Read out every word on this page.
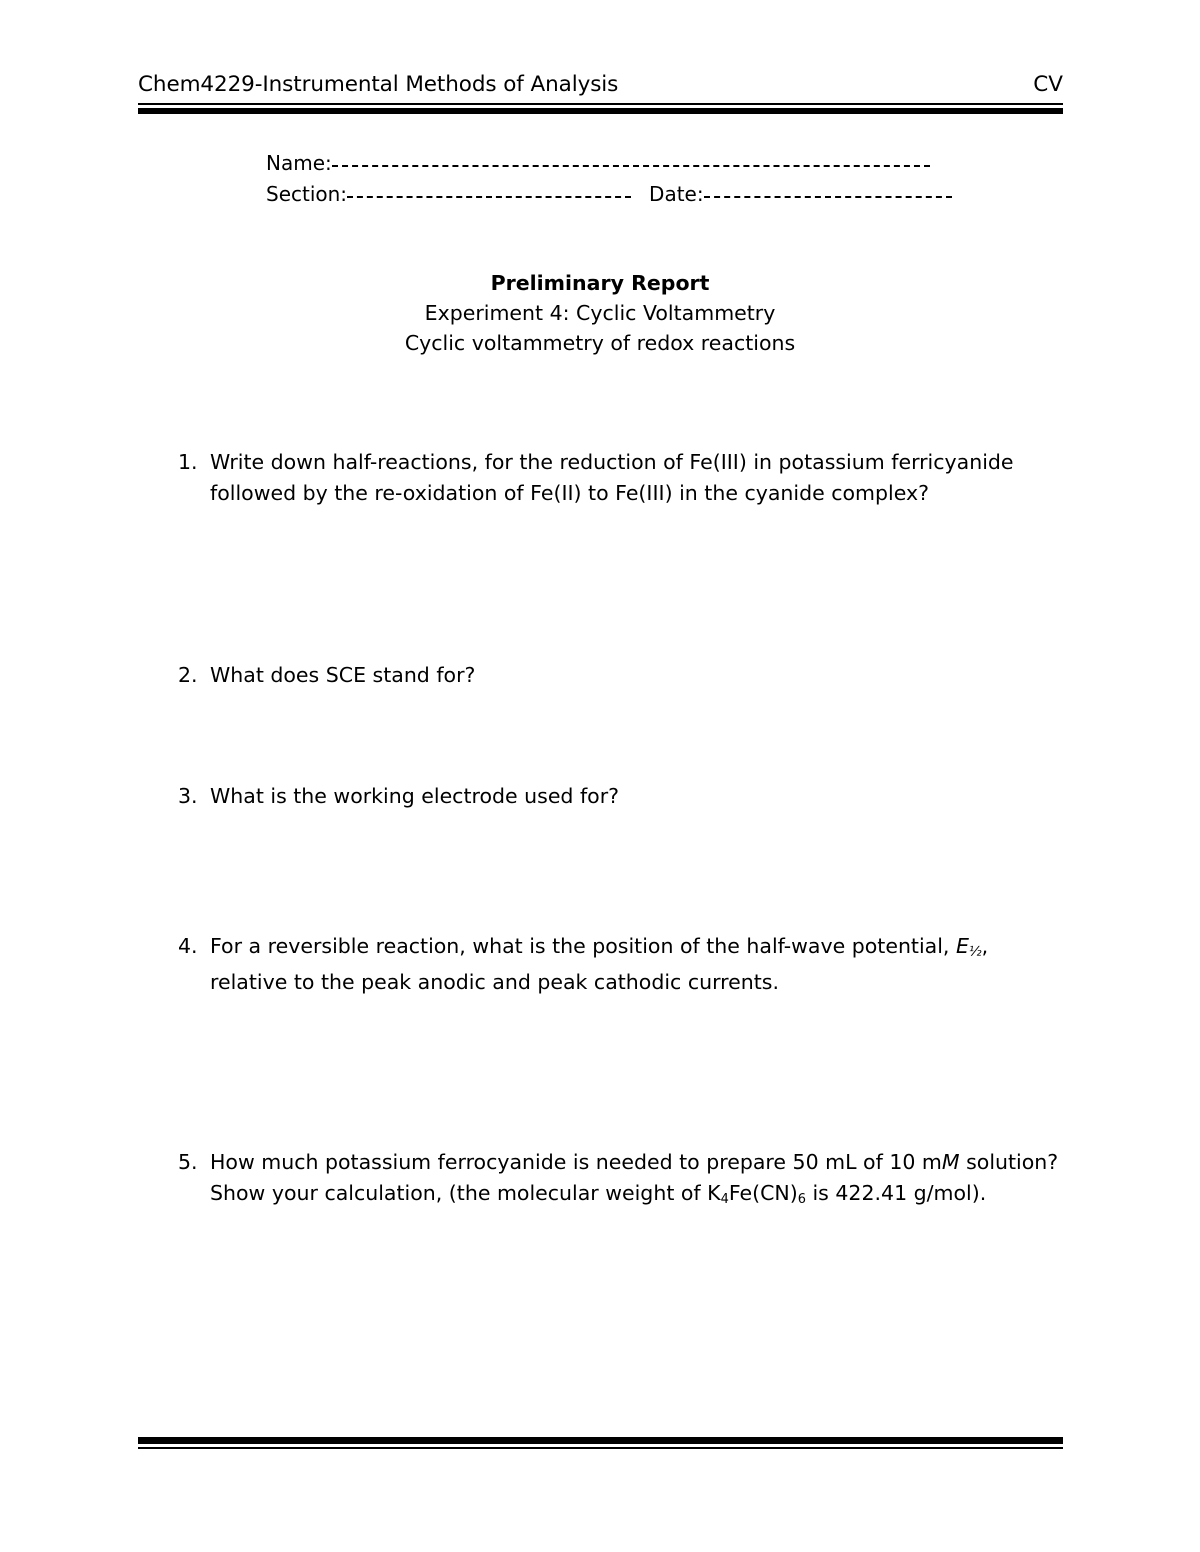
Chem4229-Instrumental Methods of Analysis	CV
Name:
Section:	Date:
Preliminary Report
Experiment 4: Cyclic Voltammetry
Cyclic voltammetry of redox reactions
1. Write down half-reactions, for the reduction of Fe(III) in potassium ferricyanide followed by the re-oxidation of Fe(II) to Fe(III) in the cyanide complex?
2. What does SCE stand for?
3. What is the working electrode used for?
4. For a reversible reaction, what is the position of the half-wave potential, E½, relative to the peak anodic and peak cathodic currents.
5. How much potassium ferrocyanide is needed to prepare 50 mL of 10 mM solution? Show your calculation, (the molecular weight of $K_4Fe(CN)_6$ is 422.41 g/mol).
